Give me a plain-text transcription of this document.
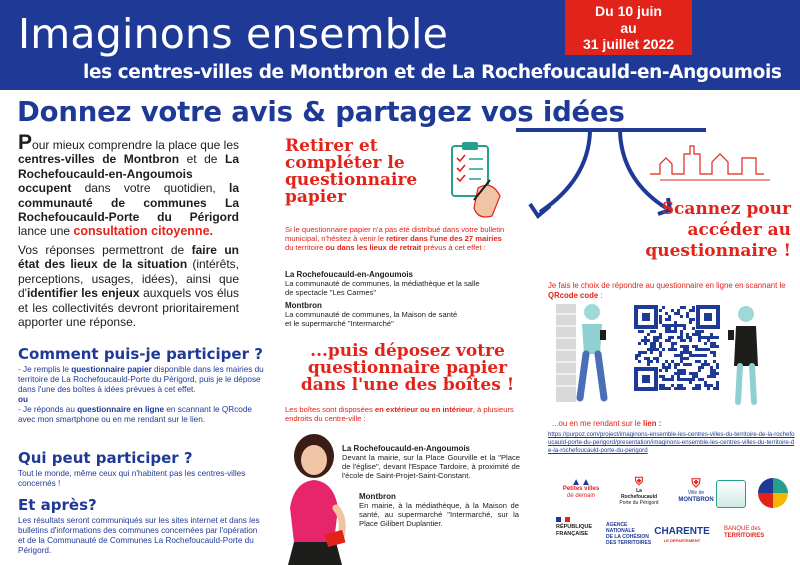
Imaginons ensemble
les centres-villes de Montbron et de La Rochefoucauld-en-Angoumois
Du 10 juin
au
31 juillet 2022
Donnez votre avis & partagez vos idées
Pour mieux comprendre la place que les centres-villes de Montbron et de La Rochefoucauld-en-Angoumois occupent dans votre quotidien, la communauté de communes La Rochefoucauld-Porte du Périgord lance une consultation citoyenne.
Vos réponses permettront de faire un état des lieux de la situation (intérêts, perceptions, usages, idées), ainsi que d'identifier les enjeux auxquels vos élus et les collectivités devront prioritairement apporter une réponse.
Comment puis-je participer ?
- Je remplis le questionnaire papier disponible dans les mairies du territoire de La Rochefoucauld-Porte du Périgord, puis je le dépose dans l'une des boîtes à idées prévues à cet effet.
ou
- Je réponds au questionnaire en ligne en scannant le QRcode avec mon smartphone ou en me rendant sur le lien.
Qui peut participer ?
Tout le monde, même ceux qui n'habitent pas les centres-villes concernés !
Et après?
Les résultats seront communiqués sur les sites internet et dans les bulletins d'informations des communes concernées par l'opération et de la Communauté de Communes La Rochefoucauld-Porte du Périgord.
Retirer et compléter le questionnaire papier
Si le questionnaire papier n'a pas été distribué dans votre bulletin municipal, n'hésitez à venir le retirer dans l'une des 27 mairies du territoire ou dans les lieux de retrait prévus à cet effet :
La Rochefoucauld-en-Angoumois
La communauté de communes, la médiathèque et la salle de spectacle "Les Carmes"
Montbron
La communauté de communes, la Maison de santé et le supermarché "Intermarché"
...puis déposez votre questionnaire papier dans l'une des boîtes !
Les boîtes sont disposées en extérieur ou en intérieur, à plusieurs endroits du centre-ville :
La Rochefoucauld-en-Angoumois
Devant la mairie, sur la Place Gourville et la "Place de l'église", devant l'Espace Tardoire, à proximité de l'école de Saint-Projet-Saint-Constant.
Montbron
En mairie, à la médiathèque, à la Maison de santé, au supermarché "Intermarché, sur la Place Gilibert Duplantier.
Scannez pour accéder au questionnaire !
Je fais le choix de répondre au questionnaire en ligne en scannant le QRcode code :
...ou en me rendant sur le lien :
https://purpoz.com/project/imaginons-ensemble-les-centres-villes-du-territoire-de-la-rochefoucauld-porte-du-perigord/presentation/imaginons-ensemble-les-centres-villes-du-territoire-de-la-rochefoucauld-porte-du-perigord
▲▲
Petites villes
de demain
⛨
La
Rochefoucauld
Porte du Périgord
⛨
Ville de
MONTBRON
RÉPUBLIQUE
FRANÇAISE
AGENCE
NATIONALE
DE LA COHÉSION
DES TERRITOIRES
CHARENTE
LE DÉPARTEMENT
BANQUE des
TERRITOIRES
